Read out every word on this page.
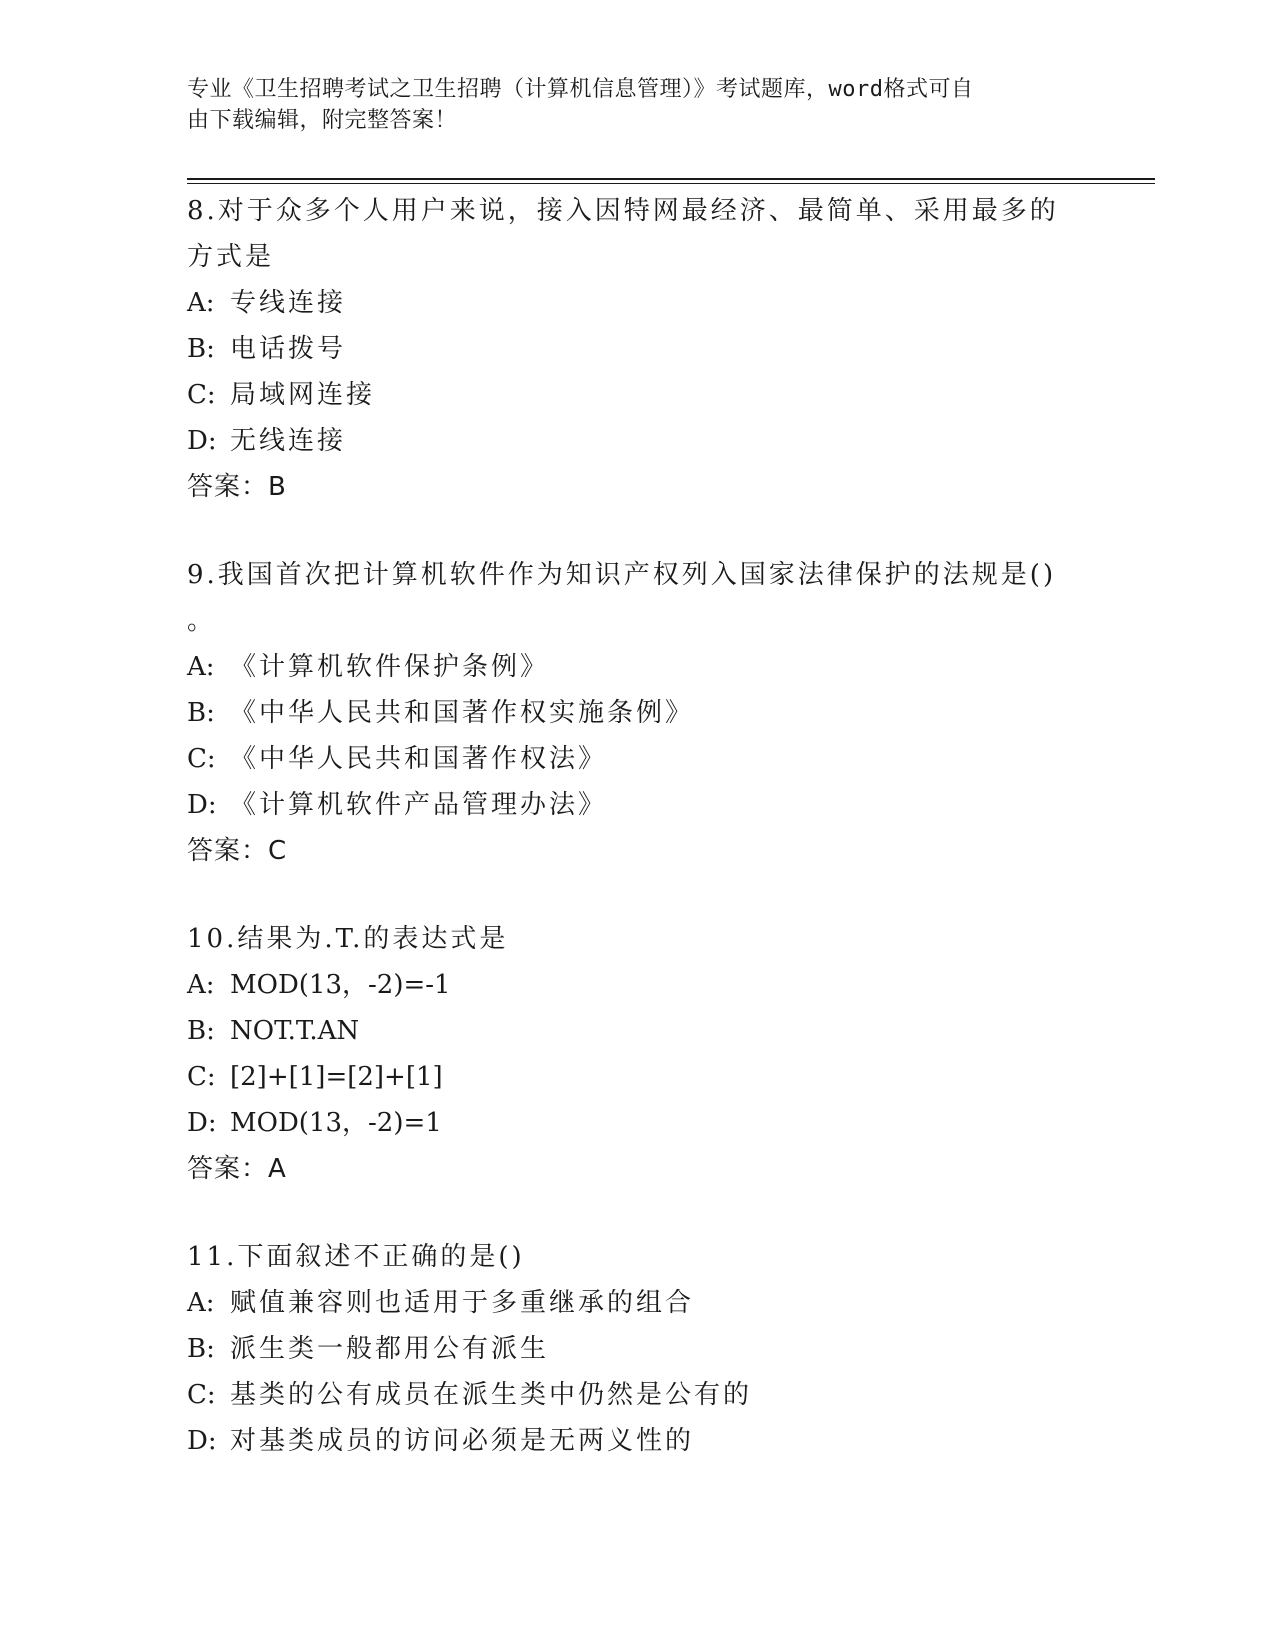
专业《卫生招聘考试之卫生招聘（计算机信息管理）》考试题库，word格式可自
由下载编辑，附完整答案！
8.对于众多个人用户来说，接入因特网最经济、最简单、采用最多的
方式是
A: 专线连接
B: 电话拨号
C: 局域网连接
D: 无线连接
答案：B
9.我国首次把计算机软件作为知识产权列入国家法律保护的法规是()
。
A: 《计算机软件保护条例》
B: 《中华人民共和国著作权实施条例》
C: 《中华人民共和国著作权法》
D: 《计算机软件产品管理办法》
答案：C
10.结果为.T.的表达式是
A: MOD(13，-2)=-1
B: NOT.T.AN
C: [2]+[1]=[2]+[1]
D: MOD(13，-2)=1
答案：A
11.下面叙述不正确的是()
A: 赋值兼容则也适用于多重继承的组合
B: 派生类一般都用公有派生
C: 基类的公有成员在派生类中仍然是公有的
D: 对基类成员的访问必须是无两义性的
